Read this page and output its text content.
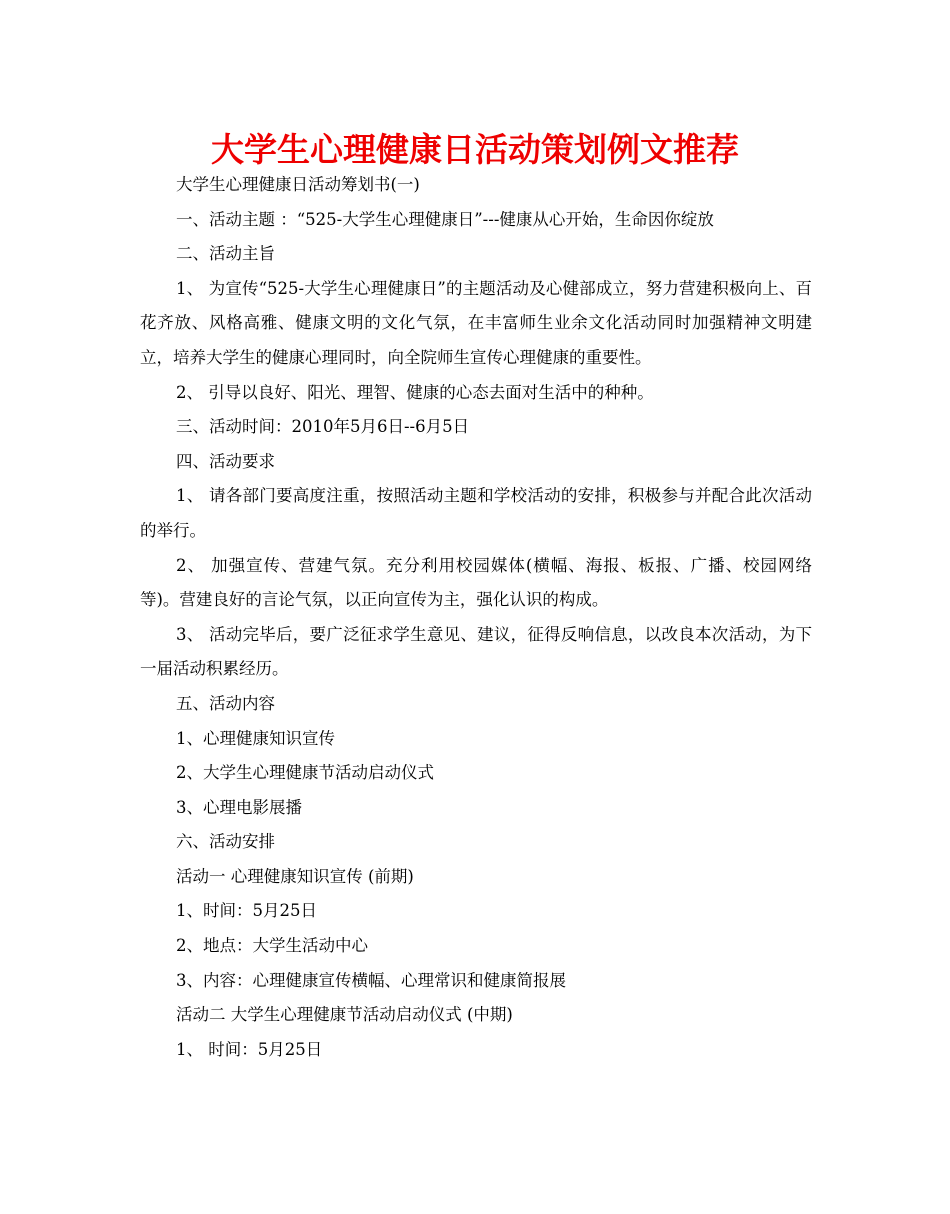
大学生心理健康日活动策划例文推荐

大学生心理健康日活动筹划书(一)

一、活动主题 ：“525-大学生心理健康日”---健康从心开始，生命因你绽放

二、活动主旨

1、 为宣传“525-大学生心理健康日”的主题活动及心健部成立，努力营建积极向上、百花齐放、风格高雅、健康文明的文化气氛，在丰富师生业余文化活动同时加强精神文明建立，培养大学生的健康心理同时，向全院师生宣传心理健康的重要性。

2、 引导以良好、阳光、理智、健康的心态去面对生活中的种种。

三、活动时间：2010年5月6日--6月5日

四、活动要求

1、 请各部门要高度注重，按照活动主题和学校活动的安排，积极参与并配合此次活动的举行。

2、 加强宣传、营建气氛。充分利用校园媒体(横幅、海报、板报、广播、校园网络等)。营建良好的言论气氛，以正向宣传为主，强化认识的构成。

3、 活动完毕后，要广泛征求学生意见、建议，征得反响信息，以改良本次活动，为下一届活动积累经历。

五、活动内容

1、心理健康知识宣传

2、大学生心理健康节活动启动仪式

3、心理电影展播

六、活动安排

活动一 心理健康知识宣传 (前期)

1、时间：5月25日

2、地点：大学生活动中心

3、内容：心理健康宣传横幅、心理常识和健康简报展

活动二 大学生心理健康节活动启动仪式 (中期)

1、 时间：5月25日
